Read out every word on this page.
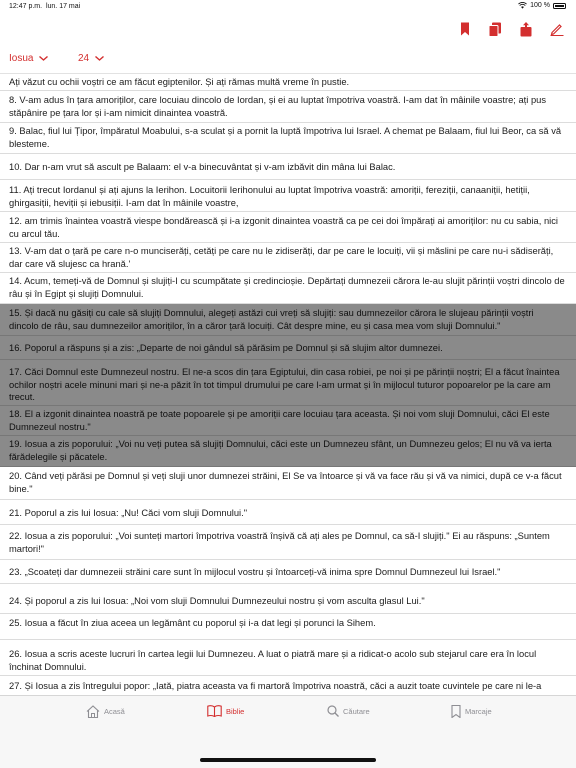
12:47 p.m. lun. 17 mai	100 %
Iosua	24
Ați văzut cu ochii voștri ce am făcut egiptenilor. Și ați rămas multă vreme în pustie.
8. V-am adus în țara amoriților, care locuiau dincolo de Iordan, și ei au luptat împotriva voastră. I-am dat în mâinile voastre; ați pus stăpânire pe țara lor și i-am nimicit dinaintea voastră.
9. Balac, fiul lui Țipor, împăratul Moabului, s-a sculat și a pornit la luptă împotriva lui Israel. A chemat pe Balaam, fiul lui Beor, ca să vă blesteme.
10. Dar n-am vrut să ascult pe Balaam: el v-a binecuvântat și v-am izbăvit din mâna lui Balac.
11. Ați trecut Iordanul și ați ajuns la Ierihon. Locuitorii Ierihonului au luptat împotriva voastră: amoriții, fereziții, canaaniții, hetiții, ghirgasiții, heviții și iebusiții. I-am dat în mâinile voastre,
12. am trimis înaintea voastră viespe bondărească și i-a izgonit dinaintea voastră ca pe cei doi împărați ai amoriților: nu cu sabia, nici cu arcul tău.
13. V-am dat o țară pe care n-o munciserăți, cetăți pe care nu le zidiserăți, dar pe care le locuiți, vii și măslini pe care nu-i sădiserăți, dar care vă slujesc ca hrană.'
14. Acum, temeți-vă de Domnul și slujiți-I cu scumpătate și credincioșie. Depărtați dumnezeii cărora le-au slujit părinții voștri dincolo de râu și în Egipt și slujiți Domnului.
15. Și dacă nu găsiți cu cale să slujiți Domnului, alegeți astăzi cui vreți să slujiți: sau dumnezeilor cărora le slujeau părinții voștri dincolo de râu, sau dumnezeilor amoriților, în a căror țară locuiți. Cât despre mine, eu și casa mea vom sluji Domnului."
16. Poporul a răspuns și a zis: „Departe de noi gândul să părăsim pe Domnul și să slujim altor dumnezei.
17. Căci Domnul este Dumnezeul nostru. El ne-a scos din țara Egiptului, din casa robiei, pe noi și pe părinții noștri; El a făcut înaintea ochilor noștri acele minuni mari și ne-a păzit în tot timpul drumului pe care l-am urmat și în mijlocul tuturor popoarelor pe la care am trecut.
18. El a izgonit dinaintea noastră pe toate popoarele și pe amoriții care locuiau țara aceasta. Și noi vom sluji Domnului, căci El este Dumnezeul nostru."
19. Iosua a zis poporului: „Voi nu veți putea să slujiți Domnului, căci este un Dumnezeu sfânt, un Dumnezeu gelos; El nu vă va ierta fărădelegile și păcatele.
20. Când veți părăsi pe Domnul și veți sluji unor dumnezei străini, El Se va întoarce și vă va face rău și vă va nimici, după ce v-a făcut bine."
21. Poporul a zis lui Iosua: „Nu! Căci vom sluji Domnului."
22. Iosua a zis poporului: „Voi sunteți martori împotriva voastră înșivă că ați ales pe Domnul, ca să-I slujiți." Ei au răspuns: „Suntem martori!"
23. „Scoateți dar dumnezeii străini care sunt în mijlocul vostru și întoarceți-vă inima spre Domnul Dumnezeul lui Israel."
24. Și poporul a zis lui Iosua: „Noi vom sluji Domnului Dumnezeului nostru și vom asculta glasul Lui."
25. Iosua a făcut în ziua aceea un legământ cu poporul și i-a dat legi și porunci la Sihem.
26. Iosua a scris aceste lucruri în cartea legii lui Dumnezeu. A luat o piatră mare și a ridicat-o acolo sub stejarul care era în locul închinat Domnului.
27. Și Iosua a zis întregului popor: „Iată, piatra aceasta va fi martoră împotriva noastră, căci a auzit toate cuvintele pe care ni le-a
Acasă	Biblie	Căutare	Marcaje
